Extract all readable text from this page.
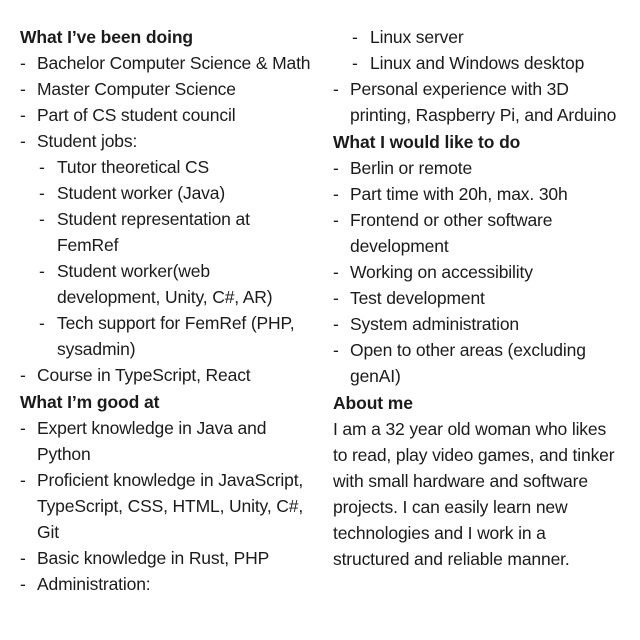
What I’ve been doing
- Bachelor Computer Science & Math
- Master Computer Science
- Part of CS student council
- Student jobs:
- Tutor theoretical CS
- Student worker (Java)
- Student representation at FemRef
- Student worker(web development, Unity, C#, AR)
- Tech support for FemRef (PHP, sysadmin)
- Course in TypeScript, React
What I’m good at
- Expert knowledge in Java and Python
- Proficient knowledge in JavaScript, TypeScript, CSS, HTML, Unity, C#, Git
- Basic knowledge in Rust, PHP
- Administration:
- Linux server
- Linux and Windows desktop
- Personal experience with 3D printing, Raspberry Pi, and Arduino
What I would like to do
- Berlin or remote
- Part time with 20h, max. 30h
- Frontend or other software development
- Working on accessibility
- Test development
- System administration
- Open to other areas (excluding genAI)
About me

I am a 32 year old woman who likes to read, play video games, and tinker with small hardware and software projects. I can easily learn new technologies and I work in a structured and reliable manner.
